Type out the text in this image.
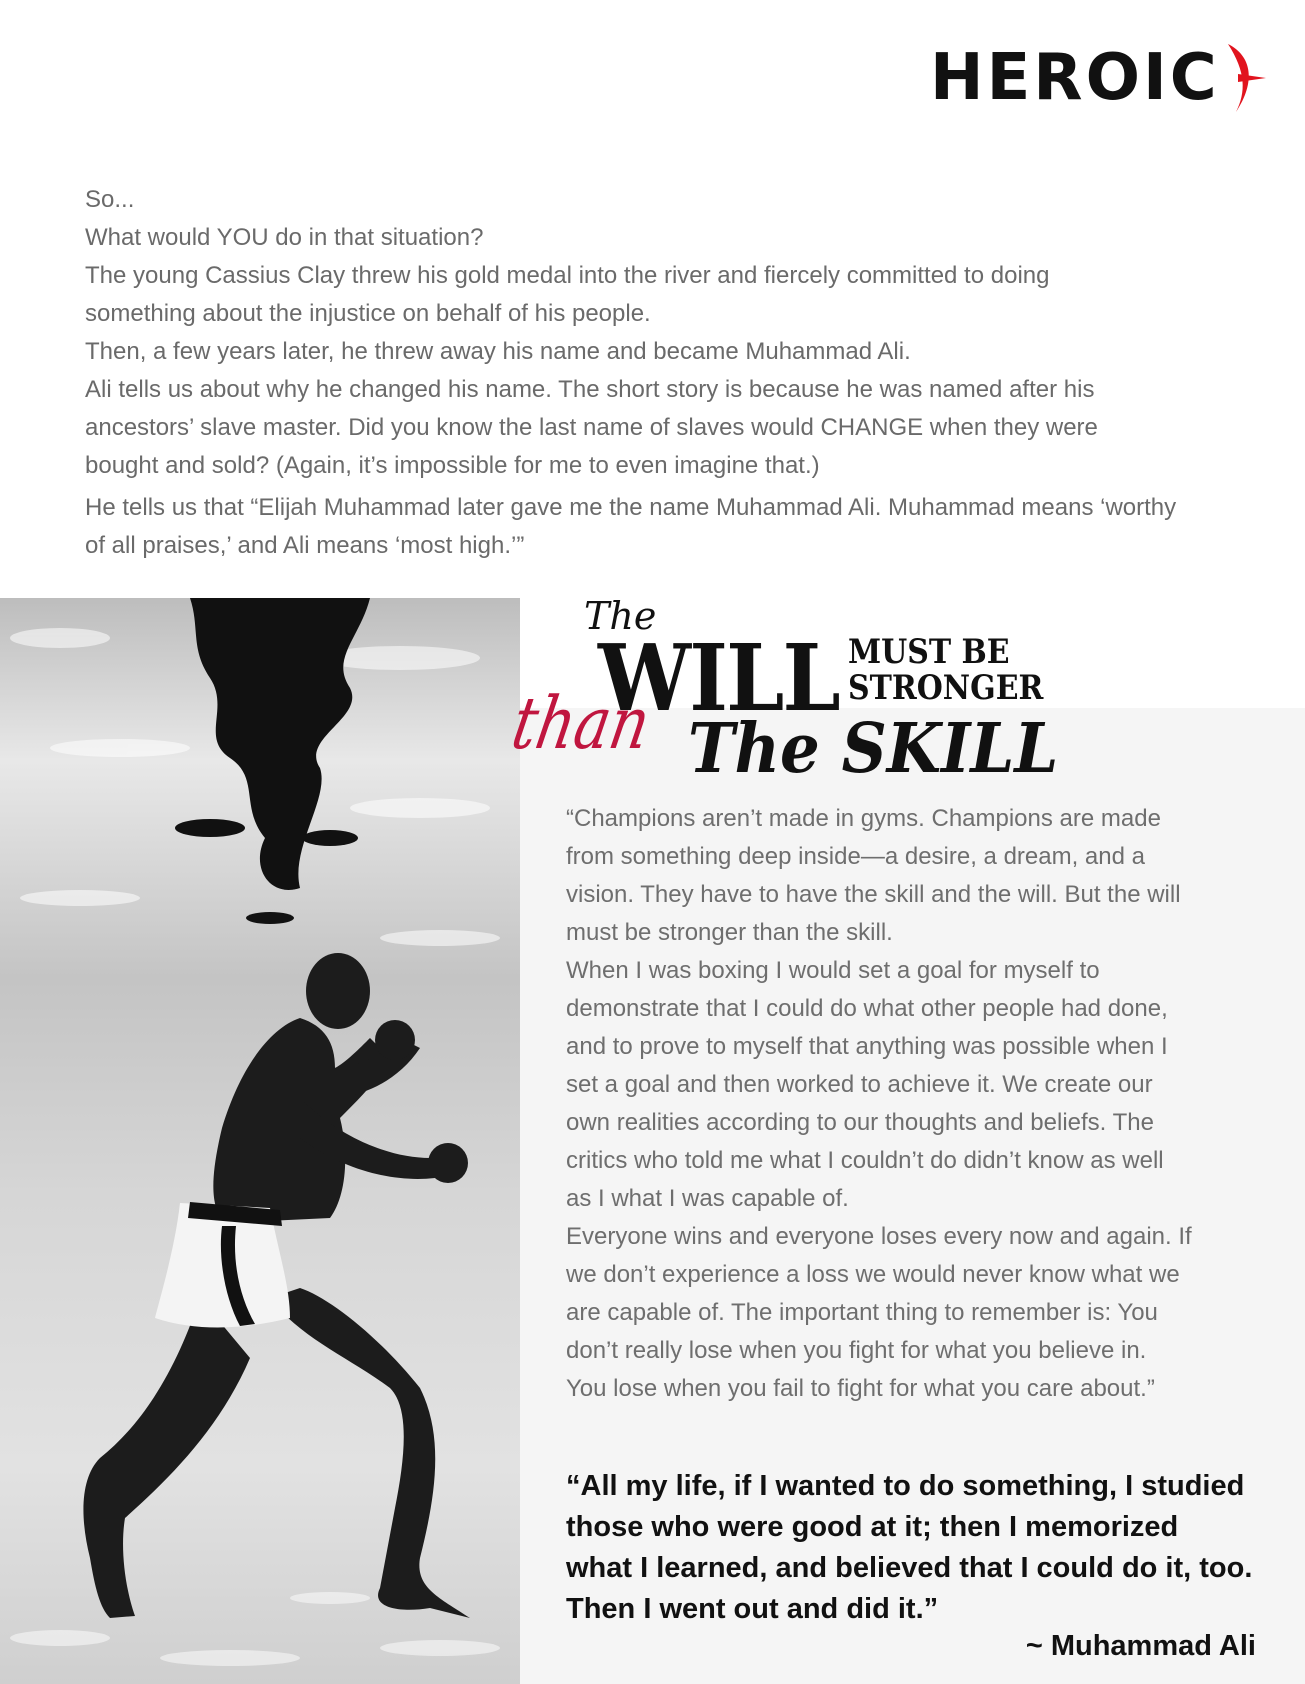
HEROIC

So...

What would YOU do in that situation?

The young Cassius Clay threw his gold medal into the river and fiercely committed to doing

something about the injustice on behalf of his people.

Then, a few years later, he threw away his name and became Muhammad Ali.

Ali tells us about why he changed his name. The short story is because he was named after his

ancestors’ slave master. Did you know the last name of slaves would CHANGE when they were

bought and sold? (Again, it’s impossible for me to even imagine that.)

He tells us that “Elijah Muhammad later gave me the name Muhammad Ali. Muhammad means ‘worthy

of all praises,’ and Ali means ‘most high.’”

The
WILL MUST BE
STRONGER
than The SKILL

“Champions aren’t made in gyms. Champions are made

from something deep inside—a desire, a dream, and a

vision. They have to have the skill and the will. But the will

must be stronger than the skill.

When I was boxing I would set a goal for myself to

demonstrate that I could do what other people had done,

and to prove to myself that anything was possible when I

set a goal and then worked to achieve it. We create our

own realities according to our thoughts and beliefs. The

critics who told me what I couldn’t do didn’t know as well

as I what I was capable of.

Everyone wins and everyone loses every now and again. If

we don’t experience a loss we would never know what we

are capable of. The important thing to remember is: You

don’t really lose when you fight for what you believe in.

You lose when you fail to fight for what you care about.”

“All my life, if I wanted to do something, I studied
those who were good at it; then I memorized
what I learned, and believed that I could do it, too.
Then I went out and did it.”
~ Muhammad Ali
